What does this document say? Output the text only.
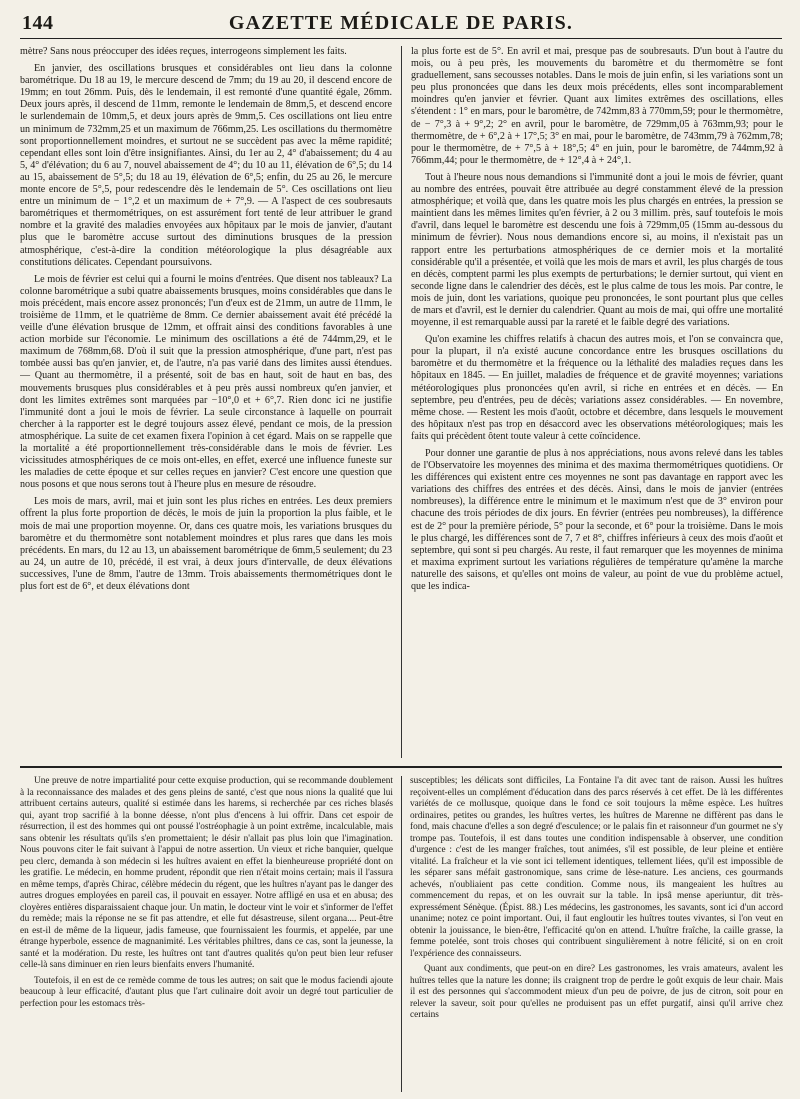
144	GAZETTE MÉDICALE DE PARIS.

mètre? Sans nous préoccuper des idées reçues, interrogeons simplement les faits.

En janvier, des oscillations brusques et considérables ont lieu dans la colonne barométrique. Du 18 au 19, le mercure descend de 7mm; du 19 au 20, il descend encore de 19mm; en tout 26mm. Puis, dès le lendemain, il est remonté d'une quantité égale, 26mm. Deux jours après, il descend de 11mm, remonte le lendemain de 8mm,5, et descend encore le surlendemain de 10mm,5, et deux jours après de 9mm,5. Ces oscillations ont lieu entre un minimum de 732mm,25 et un maximum de 766mm,25. Les oscillations du thermomètre sont proportionnellement moindres, et surtout ne se succèdent pas avec la même rapidité; cependant elles sont loin d'être insignifiantes. Ainsi, du 1er au 2, 4° d'abaissement; du 4 au 5, 4° d'élévation; du 6 au 7, nouvel abaissement de 4°; du 10 au 11, élévation de 6°,5; du 14 au 15, abaissement de 5°,5; du 18 au 19, élévation de 6°,5; enfin, du 25 au 26, le mercure monte encore de 5°,5, pour redescendre dès le lendemain de 5°. Ces oscillations ont lieu entre un minimum de − 1°,2 et un maximum de + 7°,9. — A l'aspect de ces soubresauts barométriques et thermométriques, on est assurément fort tenté de leur attribuer le grand nombre et la gravité des maladies envoyées aux hôpitaux par le mois de janvier, d'autant plus que le baromètre accuse surtout des diminutions brusques de la pression atmosphérique, c'est-à-dire la condition météorologique la plus désagréable aux constitutions délicates. Cependant poursuivons.

Le mois de février est celui qui a fourni le moins d'entrées. Que disent nos tableaux? La colonne barométrique a subi quatre abaissements brusques, moins considérables que dans le mois précédent, mais encore assez prononcés; l'un d'eux est de 21mm, un autre de 11mm, le troisième de 11mm, et le quatrième de 8mm. Ce dernier abaissement avait été précédé la veille d'une élévation brusque de 12mm, et offrait ainsi des conditions favorables à une action morbide sur l'économie. Le minimum des oscillations a été de 744mm,29, et le maximum de 768mm,68. D'où il suit que la pression atmosphérique, d'une part, n'est pas tombée aussi bas qu'en janvier, et, de l'autre, n'a pas varié dans des limites aussi étendues. — Quant au thermomètre, il a présenté, soit de bas en haut, soit de haut en bas, des mouvements brusques plus considérables et à peu près aussi nombreux qu'en janvier, et dont les limites extrêmes sont marquées par −10°,0 et + 6°,7. Rien donc ici ne justifie l'immunité dont a joui le mois de février. La seule circonstance à laquelle on pourrait chercher à la rapporter est le degré toujours assez élevé, pendant ce mois, de la pression atmosphérique. La suite de cet examen fixera l'opinion à cet égard. Mais on se rappelle que la mortalité a été proportionnellement très-considérable dans le mois de février. Les vicissitudes atmosphériques de ce mois ont-elles, en effet, exercé une influence funeste sur les maladies de cette époque et sur celles reçues en janvier? C'est encore une question que nous posons et que nous serons tout à l'heure plus en mesure de résoudre.

Les mois de mars, avril, mai et juin sont les plus riches en entrées. Les deux premiers offrent la plus forte proportion de décès, le mois de juin la proportion la plus faible, et le mois de mai une proportion moyenne. Or, dans ces quatre mois, les variations brusques du baromètre et du thermomètre sont notablement moindres et plus rares que dans les mois précédents. En mars, du 12 au 13, un abaissement barométrique de 6mm,5 seulement; du 23 au 24, un autre de 10, précédé, il est vrai, à deux jours d'intervalle, de deux élévations successives, l'une de 8mm, l'autre de 13mm. Trois abaissements thermométriques dont le plus fort est de 6°, et deux élévations dont

la plus forte est de 5°. En avril et mai, presque pas de soubresauts. D'un bout à l'autre du mois, ou à peu près, les mouvements du baromètre et du thermomètre se font graduellement, sans secousses notables. Dans le mois de juin enfin, si les variations sont un peu plus prononcées que dans les deux mois précédents, elles sont incomparablement moindres qu'en janvier et février. Quant aux limites extrêmes des oscillations, elles s'étendent : 1° en mars, pour le baromètre, de 742mm,83 à 770mm,59; pour le thermomètre, de − 7°,3 à + 9°,2; 2° en avril, pour le baromètre, de 729mm,05 à 763mm,93; pour le thermomètre, de + 6°,2 à + 17°,5; 3° en mai, pour le baromètre, de 743mm,79 à 762mm,78; pour le thermomètre, de + 7°,5 à + 18°,5; 4° en juin, pour le baromètre, de 744mm,92 à 766mm,44; pour le thermomètre, de + 12°,4 à + 24°,1.

Tout à l'heure nous nous demandions si l'immunité dont a joui le mois de février, quant au nombre des entrées, pouvait être attribuée au degré constamment élevé de la pression atmosphérique; et voilà que, dans les quatre mois les plus chargés en entrées, la pression se maintient dans les mêmes limites qu'en février, à 2 ou 3 millim. près, sauf toutefois le mois d'avril, dans lequel le baromètre est descendu une fois à 729mm,05 (15mm au-dessous du minimum de février). Nous nous demandions encore si, au moins, il n'existait pas un rapport entre les perturbations atmosphériques de ce dernier mois et la mortalité considérable qu'il a présentée, et voilà que les mois de mars et avril, les plus chargés de tous en décès, comptent parmi les plus exempts de perturbations; le dernier surtout, qui vient en seconde ligne dans le calendrier des décès, est le plus calme de tous les mois. Par contre, le mois de juin, dont les variations, quoique peu prononcées, le sont pourtant plus que celles de mars et d'avril, est le dernier du calendrier. Quant au mois de mai, qui offre une mortalité moyenne, il est remarquable aussi par la rareté et le faible degré des variations.

Qu'on examine les chiffres relatifs à chacun des autres mois, et l'on se convaincra que, pour la plupart, il n'a existé aucune concordance entre les brusques oscillations du baromètre et du thermomètre et la fréquence ou la léthalité des maladies reçues dans les hôpitaux en 1845. — En juillet, maladies de fréquence et de gravité moyennes; variations météorologiques plus prononcées qu'en avril, si riche en entrées et en décès. — En septembre, peu d'entrées, peu de décès; variations assez considérables. — En novembre, même chose. — Restent les mois d'août, octobre et décembre, dans lesquels le mouvement des hôpitaux n'est pas trop en désaccord avec les observations météorologiques; mais les faits qui précèdent ôtent toute valeur à cette coïncidence.

Pour donner une garantie de plus à nos appréciations, nous avons relevé dans les tables de l'Observatoire les moyennes des minima et des maxima thermométriques quotidiens. Or les différences qui existent entre ces moyennes ne sont pas davantage en rapport avec les variations des chiffres des entrées et des décès. Ainsi, dans le mois de janvier (entrées nombreuses), la différence entre le minimum et le maximum n'est que de 3° environ pour chacune des trois périodes de dix jours. En février (entrées peu nombreuses), la différence est de 2° pour la première période, 5° pour la seconde, et 6° pour la troisième. Dans le mois le plus chargé, les différences sont de 7, 7 et 8°, chiffres inférieurs à ceux des mois d'août et septembre, qui sont si peu chargés. Au reste, il faut remarquer que les moyennes de minima et maxima expriment surtout les variations régulières de température qu'amène la marche naturelle des saisons, et qu'elles ont moins de valeur, au point de vue du problème actuel, que les indica-

Une preuve de notre impartialité pour cette exquise production, qui se recommande doublement à la reconnaissance des malades et des gens pleins de santé, c'est que nous nions la qualité que lui attribuent certains auteurs, qualité si estimée dans les harems, si recherchée par ces riches blasés qui, ayant trop sacrifié à la bonne déesse, n'ont plus d'encens à lui offrir. Dans cet espoir de résurrection, il est des hommes qui ont poussé l'ostréophagie à un point extrême, incalculable, mais sans obtenir les résultats qu'ils s'en promettaient; le désir n'allait pas plus loin que l'imagination. Nous pouvons citer le fait suivant à l'appui de notre assertion. Un vieux et riche banquier, quelque peu clerc, demanda à son médecin si les huîtres avaient en effet la bienheureuse propriété dont on les gratifie. Le médecin, en homme prudent, répondit que rien n'était moins certain; mais il l'assura en même temps, d'après Chirac, célèbre médecin du régent, que les huîtres n'ayant pas le danger des autres drogues employées en pareil cas, il pouvait en essayer. Notre affligé en usa et en abusa; des cloyères entières disparaissaient chaque jour. Un matin, le docteur vint le voir et s'informer de l'effet du remède; mais la réponse ne se fit pas attendre, et elle fut désastreuse, silent organa.... Peut-être en est-il de même de la liqueur, jadis fameuse, que fournissaient les fourmis, et appelée, par une étrange hyperbole, essence de magnanimité. Les véritables philtres, dans ce cas, sont la jeunesse, la santé et la modération. Du reste, les huîtres ont tant d'autres qualités qu'on peut bien leur refuser celle-là sans diminuer en rien leurs bienfaits envers l'humanité.

Toutefois, il en est de ce remède comme de tous les autres; on sait que le modus faciendi ajoute beaucoup à leur efficacité, d'autant plus que l'art culinaire doit avoir un degré tout particulier de perfection pour les estomacs très-

susceptibles; les délicats sont difficiles, La Fontaine l'a dit avec tant de raison. Aussi les huîtres reçoivent-elles un complément d'éducation dans des parcs réservés à cet effet. De là les différentes variétés de ce mollusque, quoique dans le fond ce soit toujours la même espèce. Les huîtres ordinaires, petites ou grandes, les huîtres vertes, les huîtres de Marenne ne diffèrent pas dans le fond, mais chacune d'elles a son degré d'esculence; or le palais fin et raisonneur d'un gourmet ne s'y trompe pas. Toutefois, il est dans toutes une condition indispensable à observer, une condition d'urgence : c'est de les manger fraîches, tout animées, s'il est possible, de leur pleine et entière vitalité. La fraîcheur et la vie sont ici tellement identiques, tellement liées, qu'il est impossible de les séparer sans méfait gastronomique, sans crime de lèse-nature. Les anciens, ces gourmands achevés, n'oubliaient pas cette condition. Comme nous, ils mangeaient les huîtres au commencement du repas, et on les ouvrait sur la table. In ipsâ mense aperiuntur, dit très-expressément Sénèque. (Épist. 88.) Les médecins, les gastronomes, les savants, sont ici d'un accord unanime; notez ce point important. Oui, il faut engloutir les huîtres toutes vivantes, si l'on veut en obtenir la jouissance, le bien-être, l'efficacité qu'on en attend. L'huître fraîche, la caille grasse, la femme potelée, sont trois choses qui contribuent singulièrement à notre félicité, si on en croit l'expérience des connaisseurs.

Quant aux condiments, que peut-on en dire? Les gastronomes, les vrais amateurs, avalent les huîtres telles que la nature les donne; ils craignent trop de perdre le goût exquis de leur chair. Mais il est des personnes qui s'accommodent mieux d'un peu de poivre, de jus de citron, soit pour en relever la saveur, soit pour qu'elles ne produisent pas un effet purgatif, ainsi qu'il arrive chez certains
